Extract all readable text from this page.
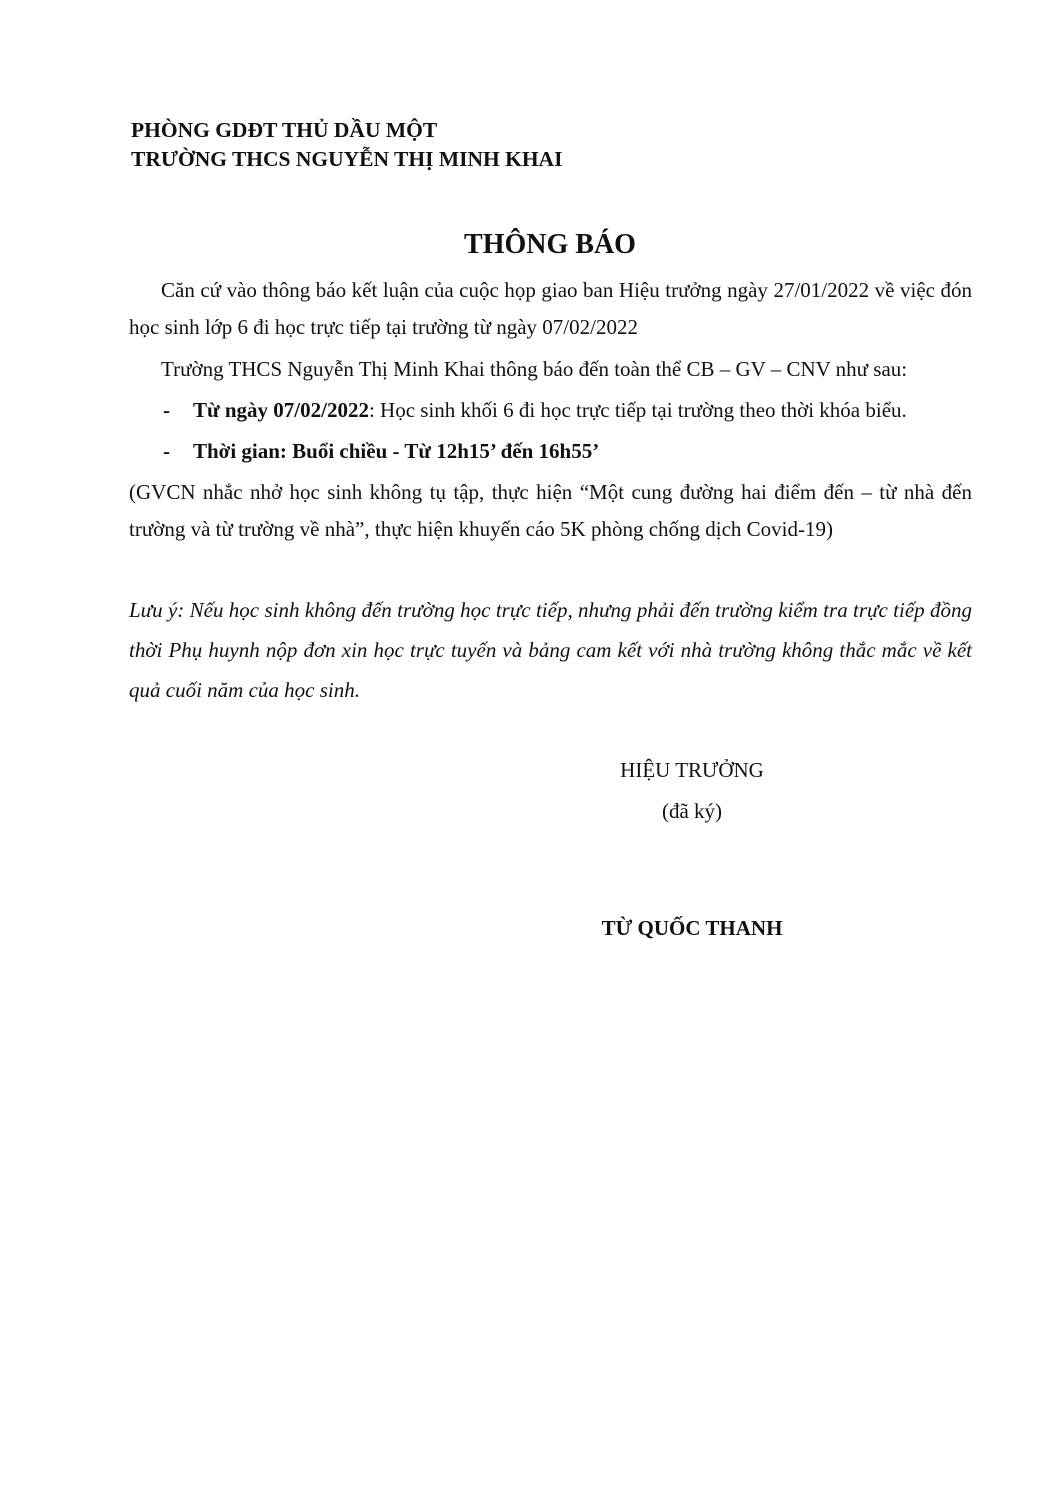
PHÒNG GDĐT THỦ DẦU MỘT
TRƯỜNG THCS NGUYỄN THỊ MINH KHAI
THÔNG BÁO
Căn cứ vào thông báo kết luận của cuộc họp giao ban Hiệu trưởng ngày 27/01/2022 về việc đón học sinh lớp 6 đi học trực tiếp tại trường từ ngày 07/02/2022
Trường THCS Nguyễn Thị Minh Khai thông báo đến toàn thể CB – GV – CNV như sau:
- Từ ngày 07/02/2022: Học sinh khối 6 đi học trực tiếp tại trường theo thời khóa biểu.
- Thời gian: Buổi chiều - Từ 12h15’ đến 16h55’
(GVCN nhắc nhở học sinh không tụ tập, thực hiện “Một cung đường hai điểm đến – từ nhà đến trường và từ trường về nhà”, thực hiện khuyến cáo 5K phòng chống dịch Covid-19)
Lưu ý: Nếu học sinh không đến trường học trực tiếp, nhưng phải đến trường kiểm tra trực tiếp đồng thời Phụ huynh nộp đơn xin học trực tuyến và bảng cam kết với nhà trường không thắc mắc về kết quả cuối năm của học sinh.
HIỆU TRƯỞNG
(đã ký)
TỪ QUỐC THANH
